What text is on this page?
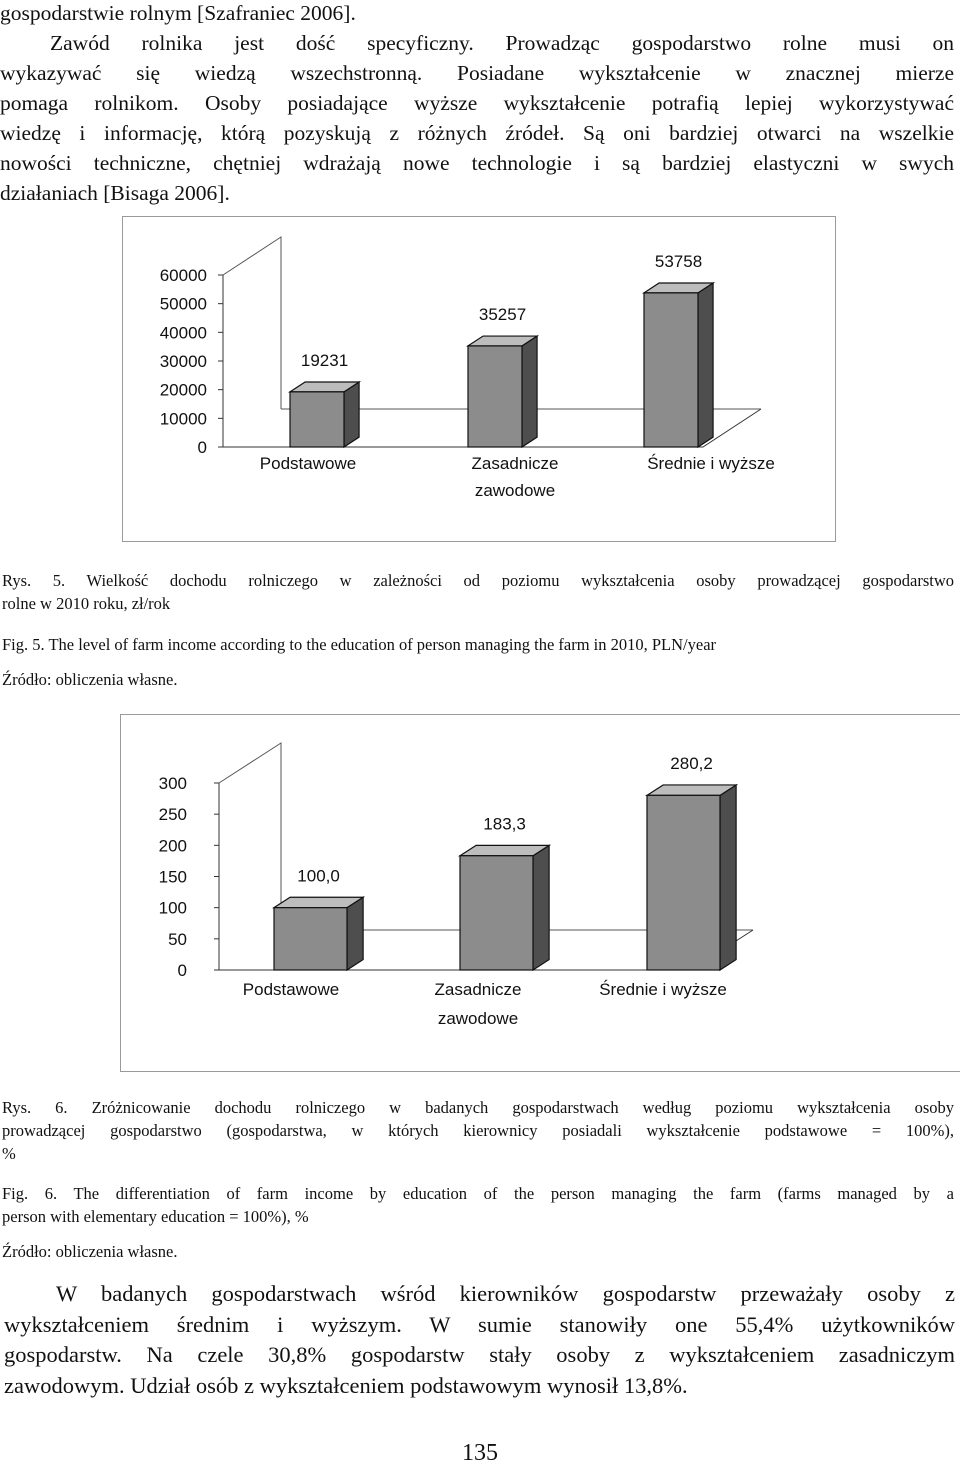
gospodarstwie rolnym [Szafraniec 2006].
Zawód rolnika jest dość specyficzny. Prowadząc gospodarstwo rolne musi on
wykazywać się wiedzą wszechstronną. Posiadane wykształcenie w znacznej mierze
pomaga rolnikom. Osoby posiadające wyższe wykształcenie potrafią lepiej wykorzystywać
wiedzę i informację, którą pozyskują z różnych źródeł. Są oni bardziej otwarci na wszelkie
nowości techniczne, chętniej wdrażają nowe technologie i są bardziej elastyczni w swych
działaniach [Bisaga 2006].
0
10000
20000
30000
40000
50000
60000
19231
35257
53758
Podstawowe	Zasadnicze
zawodowe
Średnie i wyższe
Rys. 5. Wielkość dochodu rolniczego w zależności od poziomu wykształcenia osoby prowadzącej gospodarstwo
rolne w 2010 roku, zł/rok
Fig. 5. The level of farm income according to the education of person managing the farm in 2010, PLN/year
Źródło: obliczenia własne.
0
50
100
150
200
250
300
100,0
183,3
280,2
Podstawowe	Zasadnicze
zawodowe
Średnie i wyższe
Rys. 6. Zróżnicowanie dochodu rolniczego w badanych gospodarstwach według poziomu wykształcenia osoby
prowadzącej gospodarstwo (gospodarstwa, w których kierownicy posiadali wykształcenie podstawowe = 100%),
%
Fig. 6. The differentiation of farm income by education of the person managing the farm (farms managed by a
person with elementary education = 100%), %
Źródło: obliczenia własne.
W badanych gospodarstwach wśród kierowników gospodarstw przeważały osoby z
wykształceniem średnim i wyższym. W sumie stanowiły one 55,4% użytkowników
gospodarstw. Na czele 30,8% gospodarstw stały osoby z wykształceniem zasadniczym
zawodowym. Udział osób z wykształceniem podstawowym wynosił 13,8%.
135
